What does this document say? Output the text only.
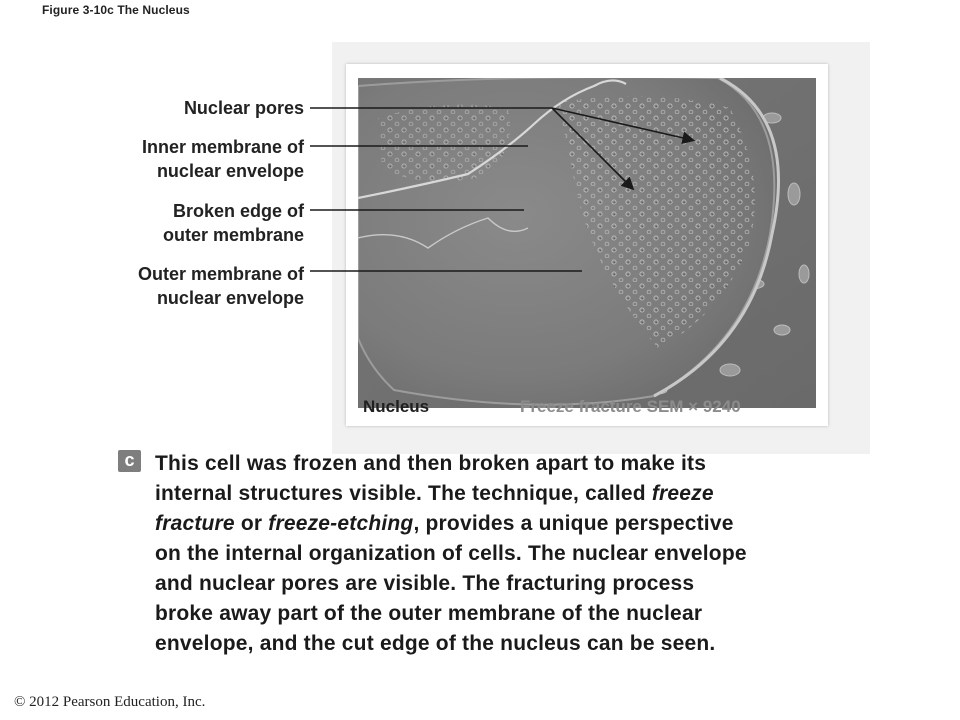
Figure 3-10c The Nucleus
Nuclear pores
Inner membrane of
nuclear envelope
Broken edge of
outer membrane
Outer membrane of
nuclear envelope
Nucleus	Freeze fracture SEM × 9240
c This cell was frozen and then broken apart to make its
internal structures visible. The technique, called freeze
fracture or freeze-etching, provides a unique perspective
on the internal organization of cells. The nuclear envelope
and nuclear pores are visible. The fracturing process
broke away part of the outer membrane of the nuclear
envelope, and the cut edge of the nucleus can be seen.
© 2012 Pearson Education, Inc.
